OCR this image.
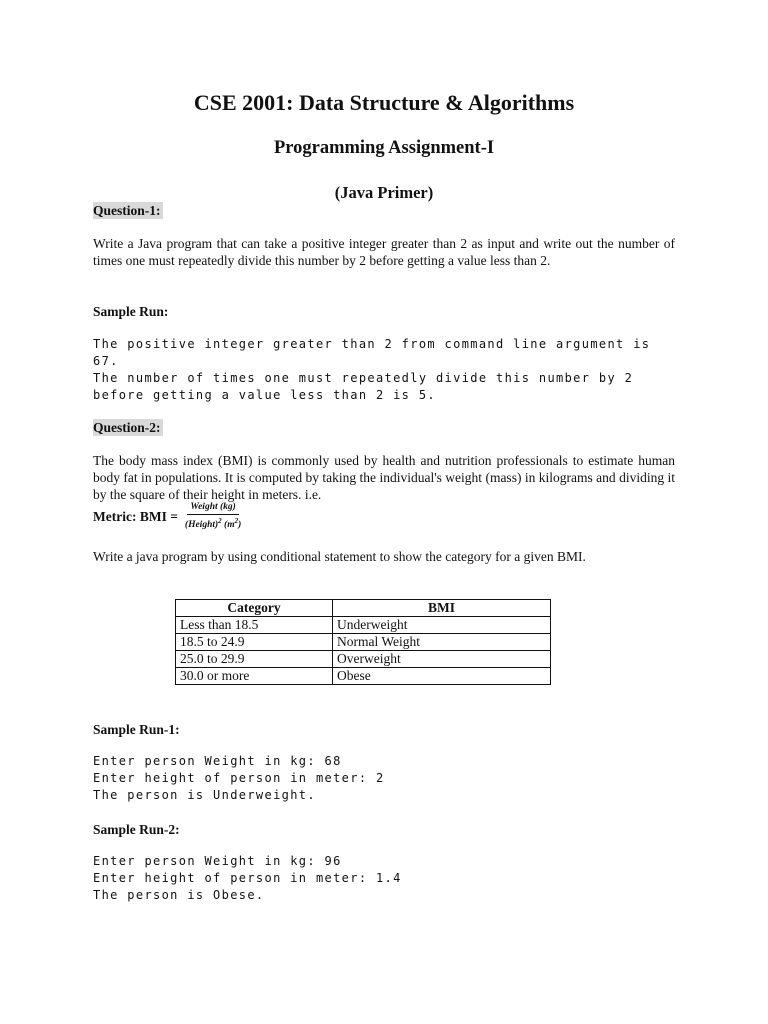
CSE 2001: Data Structure & Algorithms
Programming Assignment-I
(Java Primer)
Question-1:

Write a Java program that can take a positive integer greater than 2 as input and write out the number of times one must repeatedly divide this number by 2 before getting a value less than 2.

Sample Run:
The positive integer greater than 2 from command line argument is 67.
The number of times one must repeatedly divide this number by 2 before getting a value less than 2 is 5.
Question-2:

The body mass index (BMI) is commonly used by health and nutrition professionals to estimate human body fat in populations. It is computed by taking the individual's weight (mass) in kilograms and dividing it by the square of their height in meters. i.e.

Metric: BMI = $\frac{\text{Weight (kg)}}{(Height)^2 (m^2)}$

Write a java program by using conditional statement to show the category for a given BMI.

Category	BMI
Less than 18.5	Underweight
18.5 to 24.9	Normal Weight
25.0 to 29.9	Overweight
30.0 or more	Obese
Sample Run-1:
Enter person Weight in kg: 68
Enter height of person in meter: 2
The person is Underweight.
Sample Run-2:
Enter person Weight in kg: 96
Enter height of person in meter: 1.4
The person is Obese.
